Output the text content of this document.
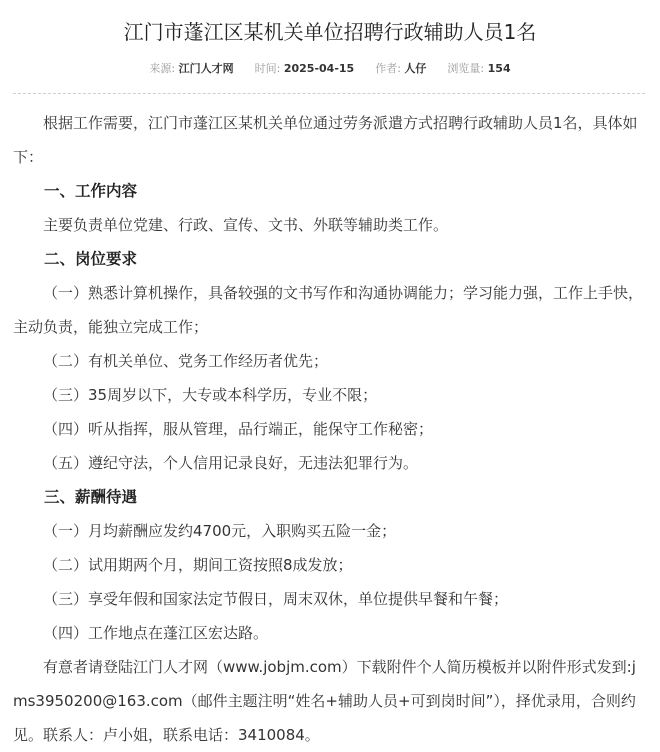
江门市蓬江区某机关单位招聘行政辅助人员1名
来源: 江门人才网 时间: 2025-04-15 作者: 人仔 浏览量: 154

根据工作需要，江门市蓬江区某机关单位通过劳务派遣方式招聘行政辅助人员1名，具体如下：

一、工作内容

主要负责单位党建、行政、宣传、文书、外联等辅助类工作。

二、岗位要求

（一）熟悉计算机操作，具备较强的文书写作和沟通协调能力；学习能力强，工作上手快，主动负责，能独立完成工作；

（二）有机关单位、党务工作经历者优先；

（三）35周岁以下，大专或本科学历，专业不限；

（四）听从指挥，服从管理，品行端正，能保守工作秘密；

（五）遵纪守法，个人信用记录良好，无违法犯罪行为。

三、薪酬待遇

（一）月均薪酬应发约4700元，入职购买五险一金；

（二）试用期两个月，期间工资按照8成发放；

（三）享受年假和国家法定节假日，周末双休，单位提供早餐和午餐；

（四）工作地点在蓬江区宏达路。

有意者请登陆江门人才网（www.jobjm.com）下载附件个人简历模板并以附件形式发到:jms3950200@163.com（邮件主题注明“姓名+辅助人员+可到岗时间”），择优录用，合则约见。联系人：卢小姐，联系电话：3410084。
